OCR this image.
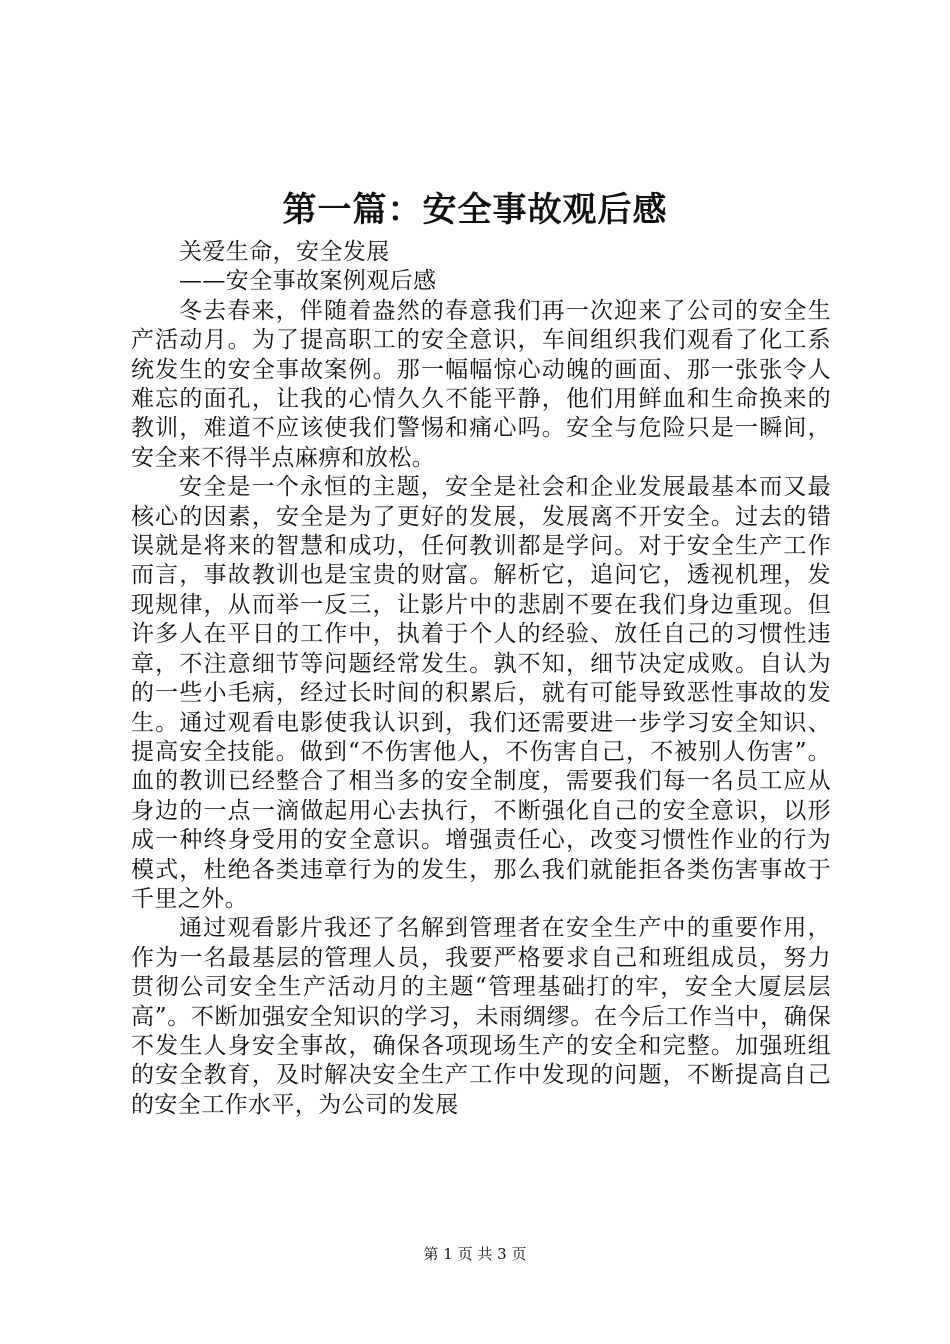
第一篇：安全事故观后感
关爱生命，安全发展
——安全事故案例观后感

冬去春来，伴随着盎然的春意我们再一次迎来了公司的安全生产活动月。为了提高职工的安全意识，车间组织我们观看了化工系统发生的安全事故案例。那一幅幅惊心动魄的画面、那一张张令人难忘的面孔，让我的心情久久不能平静，他们用鲜血和生命换来的教训，难道不应该使我们警惕和痛心吗。安全与危险只是一瞬间，安全来不得半点麻痹和放松。

安全是一个永恒的主题，安全是社会和企业发展最基本而又最核心的因素，安全是为了更好的发展，发展离不开安全。过去的错误就是将来的智慧和成功，任何教训都是学问。对于安全生产工作而言，事故教训也是宝贵的财富。解析它，追问它，透视机理，发现规律，从而举一反三，让影片中的悲剧不要在我们身边重现。但许多人在平日的工作中，执着于个人的经验、放任自己的习惯性违章，不注意细节等问题经常发生。孰不知，细节决定成败。自认为的一些小毛病，经过长时间的积累后，就有可能导致恶性事故的发生。通过观看电影使我认识到，我们还需要进一步学习安全知识、提高安全技能。做到“不伤害他人，不伤害自己，不被别人伤害”。血的教训已经整合了相当多的安全制度，需要我们每一名员工应从身边的一点一滴做起用心去执行，不断强化自己的安全意识，以形成一种终身受用的安全意识。增强责任心，改变习惯性作业的行为模式，杜绝各类违章行为的发生，那么我们就能拒各类伤害事故于千里之外。

通过观看影片我还了名解到管理者在安全生产中的重要作用，作为一名最基层的管理人员，我要严格要求自己和班组成员，努力贯彻公司安全生产活动月的主题“管理基础打的牢，安全大厦层层高”。不断加强安全知识的学习，未雨绸缪。在今后工作当中，确保不发生人身安全事故，确保各项现场生产的安全和完整。加强班组的安全教育，及时解决安全生产工作中发现的问题，不断提高自己的安全工作水平，为公司的发展

第 1 页 共 3 页
